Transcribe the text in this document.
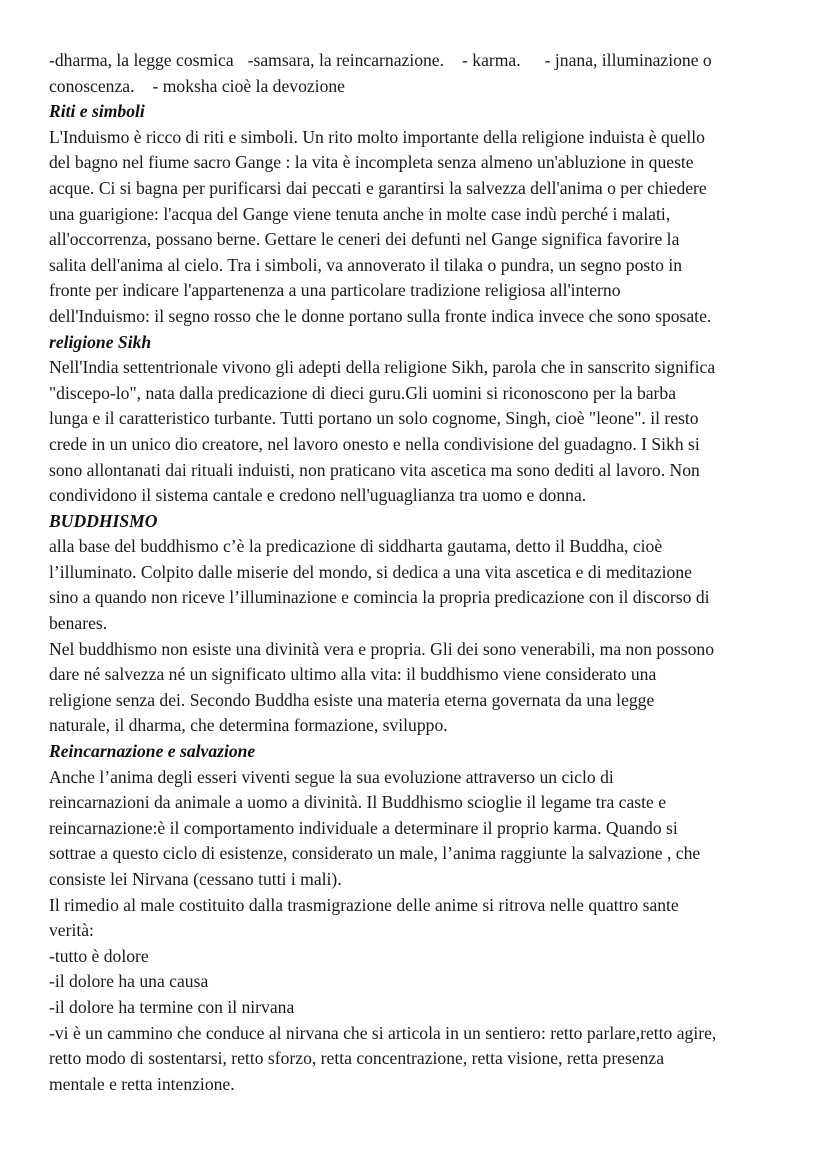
-dharma, la legge cosmica -samsara, la reincarnazione. - karma. - jnana, illuminazione o
conoscenza. - moksha cioè la devozione
Riti e simboli
L'Induismo è ricco di riti e simboli. Un rito molto importante della religione induista è quello
del bagno nel fiume sacro Gange : la vita è incompleta senza almeno un'abluzione in queste
acque. Ci si bagna per purificarsi dai peccati e garantirsi la salvezza dell'anima o per chiedere
una guarigione: l'acqua del Gange viene tenuta anche in molte case indù perché i malati,
all'occorrenza, possano berne. Gettare le ceneri dei defunti nel Gange significa favorire la
salita dell'anima al cielo. Tra i simboli, va annoverato il tilaka o pundra, un segno posto in
fronte per indicare l'appartenenza a una particolare tradizione religiosa all'interno
dell'Induismo: il segno rosso che le donne portano sulla fronte indica invece che sono sposate.
religione Sikh
Nell'India settentrionale vivono gli adepti della religione Sikh, parola che in sanscrito significa
"discepo-lo", nata dalla predicazione di dieci guru.Gli uomini si riconoscono per la barba
lunga e il caratteristico turbante. Tutti portano un solo cognome, Singh, cioè "leone". il resto
crede in un unico dio creatore, nel lavoro onesto e nella condivisione del guadagno. I Sikh si
sono allontanati dai rituali induisti, non praticano vita ascetica ma sono dediti al lavoro. Non
condividono il sistema cantale e credono nell'uguaglianza tra uomo e donna.
BUDDHISMO
alla base del buddhismo c’è la predicazione di siddharta gautama, detto il Buddha, cioè
l’illuminato. Colpito dalle miserie del mondo, si dedica a una vita ascetica e di meditazione
sino a quando non riceve l’illuminazione e comincia la propria predicazione con il discorso di
benares.
Nel buddhismo non esiste una divinità vera e propria. Gli dei sono venerabili, ma non possono
dare né salvezza né un significato ultimo alla vita: il buddhismo viene considerato una
religione senza dei. Secondo Buddha esiste una materia eterna governata da una legge
naturale, il dharma, che determina formazione, sviluppo.
Reincarnazione e salvazione
Anche l’anima degli esseri viventi segue la sua evoluzione attraverso un ciclo di
reincarnazioni da animale a uomo a divinità. Il Buddhismo scioglie il legame tra caste e
reincarnazione:è il comportamento individuale a determinare il proprio karma. Quando si
sottrae a questo ciclo di esistenze, considerato un male, l’anima raggiunte la salvazione , che
consiste lei Nirvana (cessano tutti i mali).
Il rimedio al male costituito dalla trasmigrazione delle anime si ritrova nelle quattro sante
verità:
-tutto è dolore
-il dolore ha una causa
-il dolore ha termine con il nirvana
-vi è un cammino che conduce al nirvana che si articola in un sentiero: retto parlare,retto agire,
retto modo di sostentarsi, retto sforzo, retta concentrazione, retta visione, retta presenza
mentale e retta intenzione.
